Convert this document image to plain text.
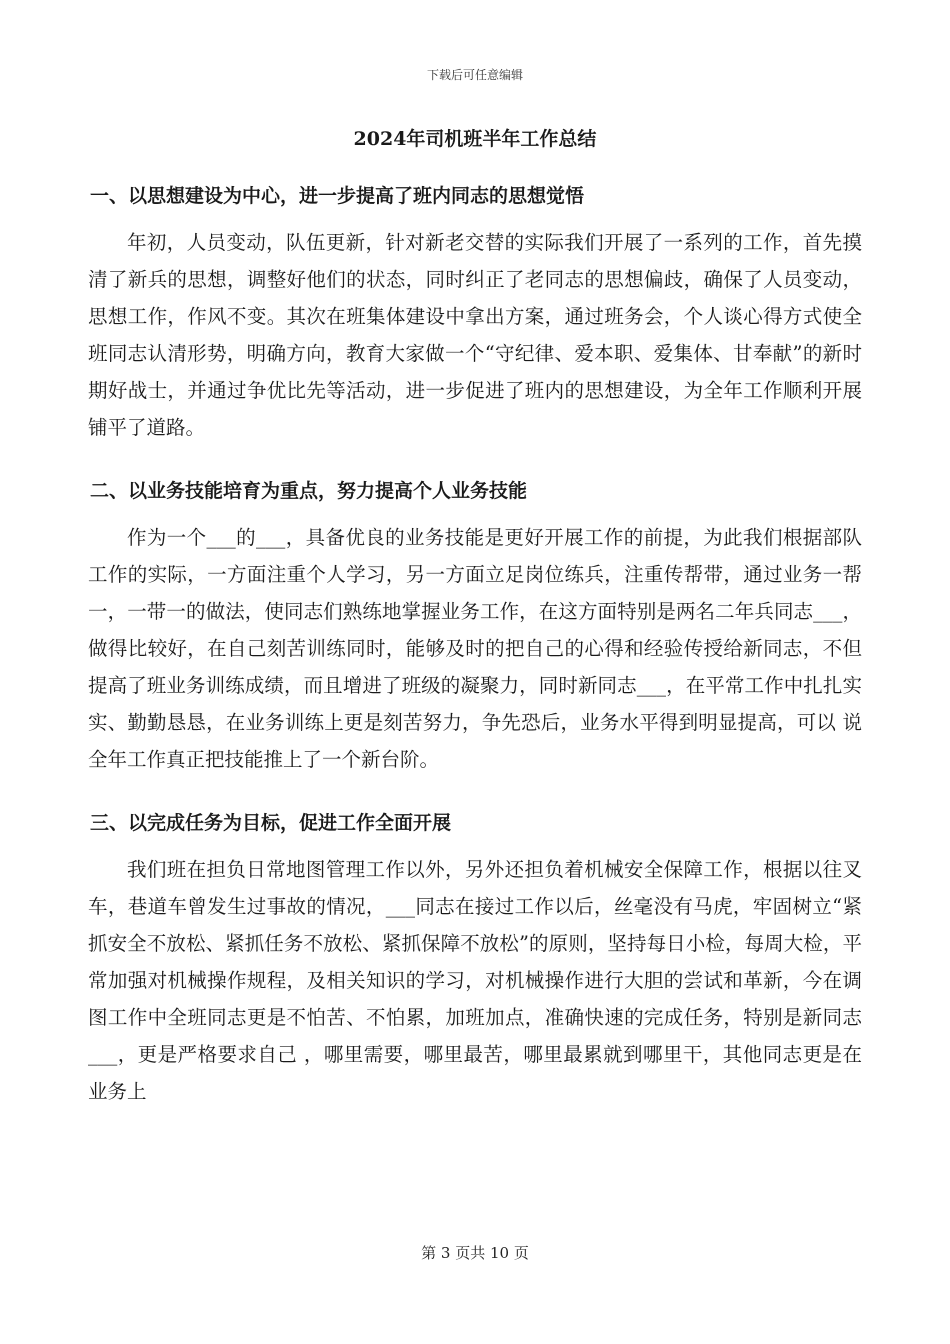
下载后可任意编辑
2024年司机班半年工作总结
一、以思想建设为中心，进一步提高了班内同志的思想觉悟

年初，人员变动，队伍更新，针对新老交替的实际我们开展了一系列的工作，首先摸清了新兵的思想，调整好他们的状态，同时纠正了老同志的思想偏歧，确保了人员变动，思想工作，作风不变。其次在班集体建设中拿出方案，通过班务会，个人谈心得方式使全班同志认清形势，明确方向，教育大家做一个“守纪律、爱本职、爱集体、甘奉献”的新时期好战士，并通过争优比先等活动，进一步促进了班内的思想建设，为全年工作顺利开展铺平了道路。

二、以业务技能培育为重点，努力提高个人业务技能

作为一个___的___，具备优良的业务技能是更好开展工作的前提，为此我们根据部队工作的实际，一方面注重个人学习，另一方面立足岗位练兵，注重传帮带，通过业务一帮一，一带一的做法，使同志们熟练地掌握业务工作，在这方面特别是两名二年兵同志___，做得比较好，在自己刻苦训练同时，能够及时的把自己的心得和经验传授给新同志，不但提高了班业务训练成绩，而且增进了班级的凝聚力，同时新同志___，在平常工作中扎扎实实、勤勤恳恳，在业务训练上更是刻苦努力，争先恐后，业务水平得到明显提高，可以 说全年工作真正把技能推上了一个新台阶。

三、以完成任务为目标，促进工作全面开展

我们班在担负日常地图管理工作以外，另外还担负着机械安全保障工作，根据以往叉车，巷道车曾发生过事故的情况，___同志在接过工作以后，丝毫没有马虎，牢固树立“紧抓安全不放松、紧抓任务不放松、紧抓保障不放松”的原则，坚持每日小检，每周大检，平常加强对机械操作规程，及相关知识的学习，对机械操作进行大胆的尝试和革新，今在调图工作中全班同志更是不怕苦、不怕累，加班加点，准确快速的完成任务，特别是新同志___，更是严格要求自己 ，哪里需要，哪里最苦，哪里最累就到哪里干，其他同志更是在业务上

第 3 页共 10 页
